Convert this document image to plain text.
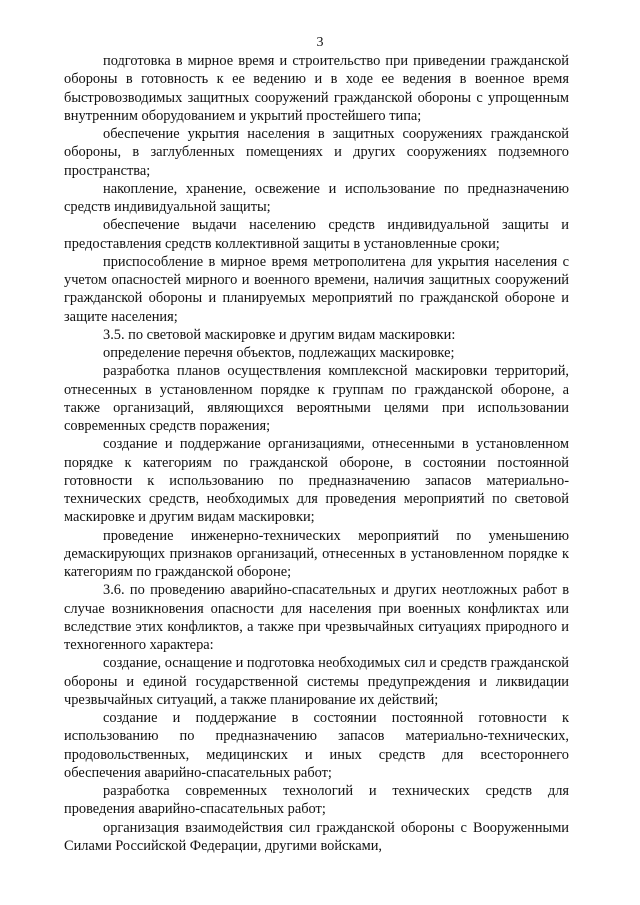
3

подготовка в мирное время и строительство при приведении гражданской обороны в готовность к ее ведению и в ходе ее ведения в военное время быстровозводимых защитных сооружений гражданской обороны с упрощенным внутренним оборудованием и укрытий простейшего типа;

обеспечение укрытия населения в защитных сооружениях гражданской обороны, в заглубленных помещениях и других сооружениях подземного пространства;

накопление, хранение, освежение и использование по предназначению средств индивидуальной защиты;

обеспечение выдачи населению средств индивидуальной защиты и предоставления средств коллективной защиты в установленные сроки;

приспособление в мирное время метрополитена для укрытия населения с учетом опасностей мирного и военного времени, наличия защитных сооружений гражданской обороны и планируемых мероприятий по гражданской обороне и защите населения;

3.5. по световой маскировке и другим видам маскировки:

определение перечня объектов, подлежащих маскировке;

разработка планов осуществления комплексной маскировки территорий, отнесенных в установленном порядке к группам по гражданской обороне, а также организаций, являющихся вероятными целями при использовании современных средств поражения;

создание и поддержание организациями, отнесенными в установленном порядке к категориям по гражданской обороне, в состоянии постоянной готовности к использованию по предназначению запасов материально-технических средств, необходимых для проведения мероприятий по световой маскировке и другим видам маскировки;

проведение инженерно-технических мероприятий по уменьшению демаскирующих признаков организаций, отнесенных в установленном порядке к категориям по гражданской обороне;

3.6. по проведению аварийно-спасательных и других неотложных работ в случае возникновения опасности для населения при военных конфликтах или вследствие этих конфликтов, а также при чрезвычайных ситуациях природного и техногенного характера:

создание, оснащение и подготовка необходимых сил и средств гражданской обороны и единой государственной системы предупреждения и ликвидации чрезвычайных ситуаций, а также планирование их действий;

создание и поддержание в состоянии постоянной готовности к использованию по предназначению запасов материально-технических, продовольственных, медицинских и иных средств для всестороннего обеспечения аварийно-спасательных работ;

разработка современных технологий и технических средств для проведения аварийно-спасательных работ;

организация взаимодействия сил гражданской обороны с Вооруженными Силами Российской Федерации, другими войсками,
